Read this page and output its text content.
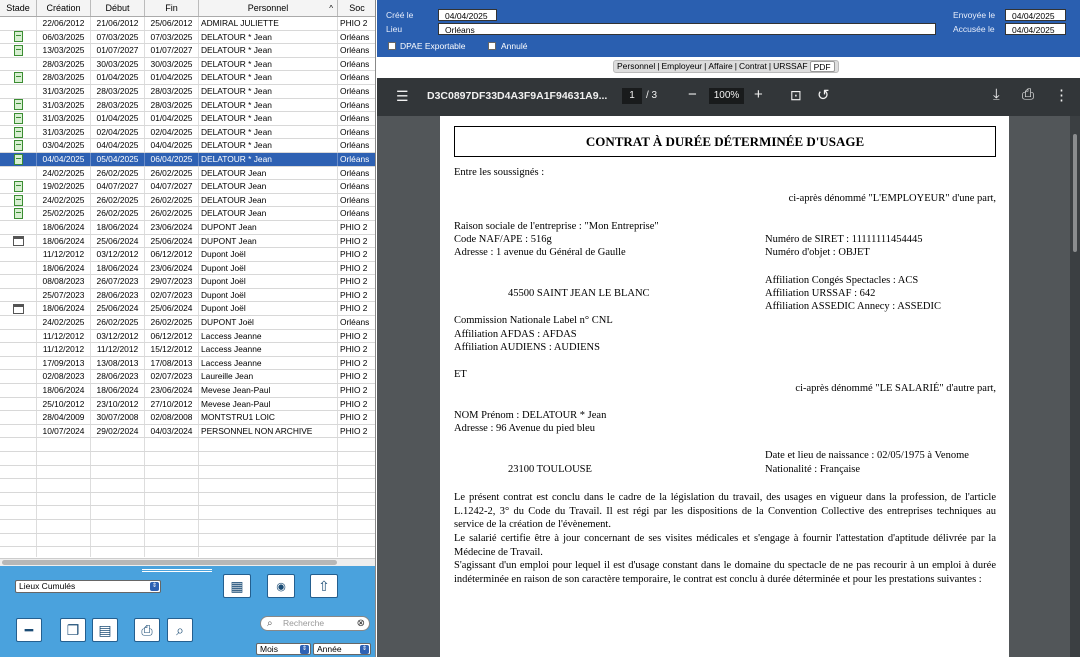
Stade	Création	Début	Fin	Personnel	^	Soc
22/06/2012	21/06/2012	25/06/2012	ADMIRAL JULIETTE	PHIO 2
06/03/2025	07/03/2025	07/03/2025	DELATOUR * Jean	Orléans
13/03/2025	01/07/2027	01/07/2027	DELATOUR * Jean	Orléans
28/03/2025	30/03/2025	30/03/2025	DELATOUR * Jean	Orléans
28/03/2025	01/04/2025	01/04/2025	DELATOUR * Jean	Orléans
31/03/2025	28/03/2025	28/03/2025	DELATOUR * Jean	Orléans
31/03/2025	28/03/2025	28/03/2025	DELATOUR * Jean	Orléans
31/03/2025	01/04/2025	01/04/2025	DELATOUR * Jean	Orléans
31/03/2025	02/04/2025	02/04/2025	DELATOUR * Jean	Orléans
03/04/2025	04/04/2025	04/04/2025	DELATOUR * Jean	Orléans
04/04/2025	05/04/2025	06/04/2025	DELATOUR * Jean	Orléans
24/02/2025	26/02/2025	26/02/2025	DELATOUR Jean	Orléans
19/02/2025	04/07/2027	04/07/2027	DELATOUR Jean	Orléans
24/02/2025	26/02/2025	26/02/2025	DELATOUR Jean	Orléans
25/02/2025	26/02/2025	26/02/2025	DELATOUR Jean	Orléans
18/06/2024	18/06/2024	23/06/2024	DUPONT Jean	PHIO 2
18/06/2024	25/06/2024	25/06/2024	DUPONT Jean	PHIO 2
11/12/2012	03/12/2012	06/12/2012	Dupont Joël	PHIO 2
18/06/2024	18/06/2024	23/06/2024	Dupont Joël	PHIO 2
08/08/2023	26/07/2023	29/07/2023	Dupont Joël	PHIO 2
25/07/2023	28/06/2023	02/07/2023	Dupont Joël	PHIO 2
18/06/2024	25/06/2024	25/06/2024	Dupont Joël	PHIO 2
24/02/2025	26/02/2025	26/02/2025	DUPONT Joël	Orléans
11/12/2012	03/12/2012	06/12/2012	Laccess Jeanne	PHIO 2
11/12/2012	11/12/2012	15/12/2012	Laccess Jeanne	PHIO 2
17/09/2013	13/08/2013	17/08/2013	Laccess Jeanne	PHIO 2
02/08/2023	28/06/2023	02/07/2023	Laureille Jean	PHIO 2
18/06/2024	18/06/2024	23/06/2024	Mevese Jean-Paul	PHIO 2
25/10/2012	23/10/2012	27/10/2012	Mevese Jean-Paul	PHIO 2
28/04/2009	30/07/2008	02/08/2008	MONTSTRU1 LOIC	PHIO 2
10/07/2024	29/02/2024	04/03/2024	PERSONNEL NON ARCHIVE	PHIO 2
Lieux Cumulés	⇕	▦	◉ ⇧
━ ❐ ▤ ⎙ ⌕	⌕ Recherche	⊗
Mois	⇕	Année	⇕
Créé le	04/04/2025
Lieu	Orléans
Envoyée le	04/04/2025
Accusée le	04/04/2025
DPAE Exportable	Annulé
Personnel | Employeur | Affaire | Contrat | URSSAF PDF
☰ D3C0897DF33D4A3F9A1F94631A9...	1	/ 3 −	100% + ⊡ ↺	⤓ ⎙ ⋮
CONTRAT À DURÉE DÉTERMINÉE D'USAGE
Entre les soussignés :
ci-après dénommé "L'EMPLOYEUR" d'une part,
Raison sociale de l'entreprise : "Mon Entreprise"
Code NAF/APE : 516g
Adresse : 1 avenue du Général de Gaulle
Numéro de SIRET : 11111111454445
Numéro d'objet : OBJET
Affiliation Congés Spectacles : ACS
Affiliation URSSAF : 642
Affiliation ASSEDIC Annecy : ASSEDIC
45500 SAINT JEAN LE BLANC
Commission Nationale Label n° CNL
Affiliation AFDAS : AFDAS
Affiliation AUDIENS : AUDIENS
ET
ci-après dénommé "LE SALARIÉ" d'autre part,
NOM Prénom : DELATOUR * Jean
Adresse : 96 Avenue du pied bleu
Date et lieu de naissance : 02/05/1975 à Venome
Nationalité : Française
23100 TOULOUSE
Le présent contrat est conclu dans le cadre de la législation du travail, des usages en vigueur dans la profession, de l'article L.1242-2, 3° du Code du Travail. Il est régi par les dispositions de la Convention Collective des entreprises techniques au service de la création de l'évènement.
Le salarié certifie être à jour concernant de ses visites médicales et s'engage à fournir l'attestation d'aptitude délivrée par la Médecine de Travail.
S'agissant d'un emploi pour lequel il est d'usage constant dans le domaine du spectacle de ne pas recourir à un emploi à durée indéterminée en raison de son caractère temporaire, le contrat est conclu à durée déterminée et pour les prestations suivantes :
